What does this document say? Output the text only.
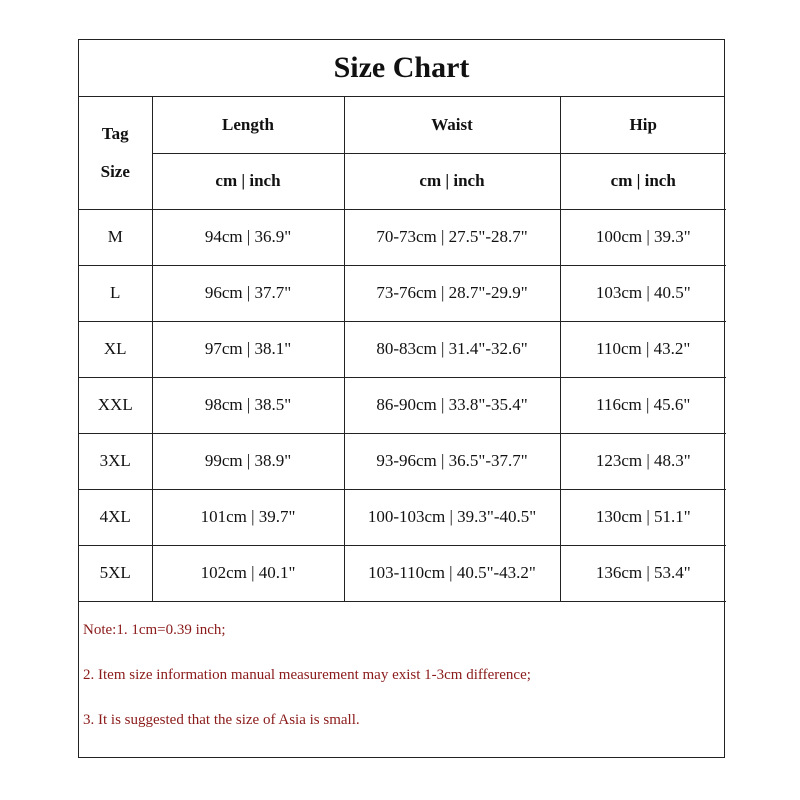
Size Chart
Tag
Size	Length	Waist	Hip
	cm | inch	cm | inch	cm | inch
M	94cm | 36.9"	70-73cm | 27.5"-28.7"	100cm | 39.3"
L	96cm | 37.7"	73-76cm | 28.7"-29.9"	103cm | 40.5"
XL	97cm | 38.1"	80-83cm | 31.4"-32.6"	110cm | 43.2"
XXL	98cm | 38.5"	86-90cm | 33.8"-35.4"	116cm | 45.6"
3XL	99cm | 38.9"	93-96cm | 36.5"-37.7"	123cm | 48.3"
4XL	101cm | 39.7"	100-103cm | 39.3"-40.5"	130cm | 51.1"
5XL	102cm | 40.1"	103-110cm | 40.5"-43.2"	136cm | 53.4"
Note:1. 1cm=0.39 inch;
2. Item size information manual measurement may exist 1-3cm difference;
3. It is suggested that the size of Asia is small.
